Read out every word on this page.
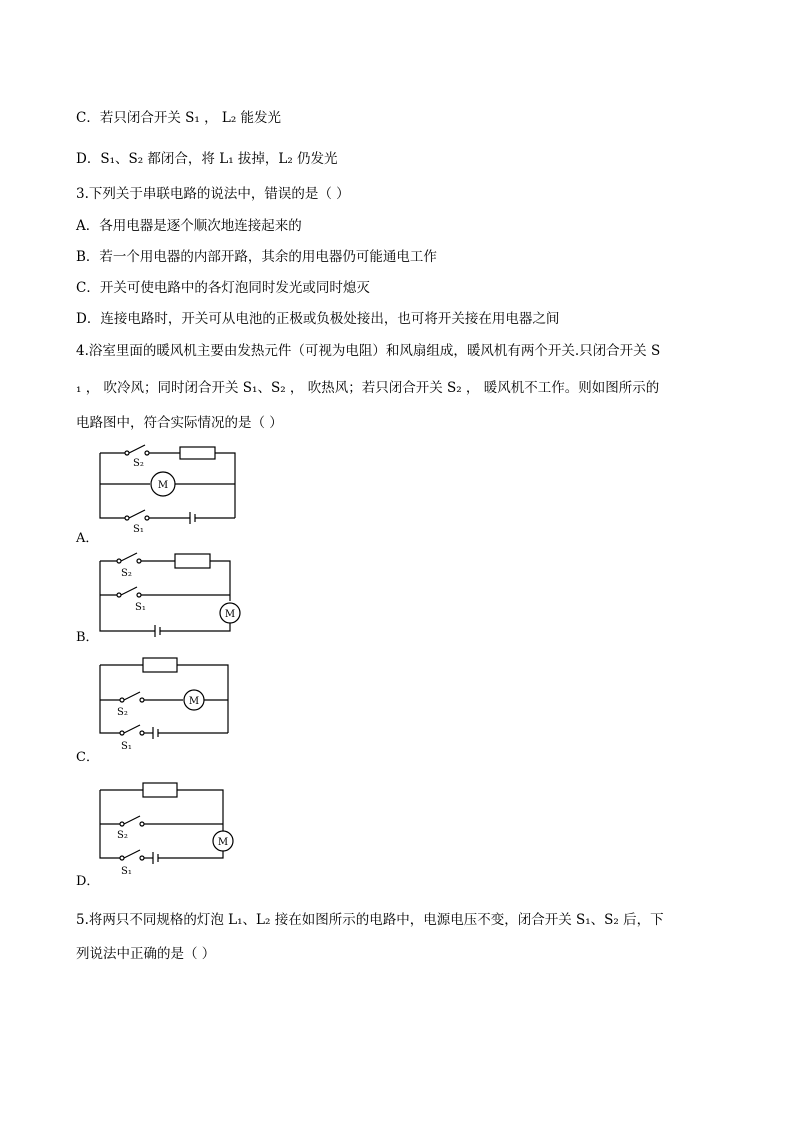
C．若只闭合开关 S₁ ， L₂ 能发光
D．S₁、S₂ 都闭合，将 L₁ 拔掉，L₂ 仍发光
3.下列关于串联电路的说法中，错误的是（ ）
A．各用电器是逐个顺次地连接起来的
B．若一个用电器的内部开路，其余的用电器仍可能通电工作
C．开关可使电路中的各灯泡同时发光或同时熄灭
D．连接电路时，开关可从电池的正极或负极处接出，也可将开关接在用电器之间
4.浴室里面的暖风机主要由发热元件（可视为电阻）和风扇组成，暖风机有两个开关.只闭合开关 S
₁ ， 吹冷风；同时闭合开关 S₁、S₂ ， 吹热风；若只闭合开关 S₂ ， 暖风机不工作。则如图所示的
电路图中，符合实际情况的是（ ）
M
S₂
S₁
A．
M
S₂
S₁
B．
M
S₂
S₁
C．
M
S₂
S₁
D．
5.将两只不同规格的灯泡 L₁、L₂ 接在如图所示的电路中，电源电压不变，闭合开关 S₁、S₂ 后，下
列说法中正确的是（ ）
